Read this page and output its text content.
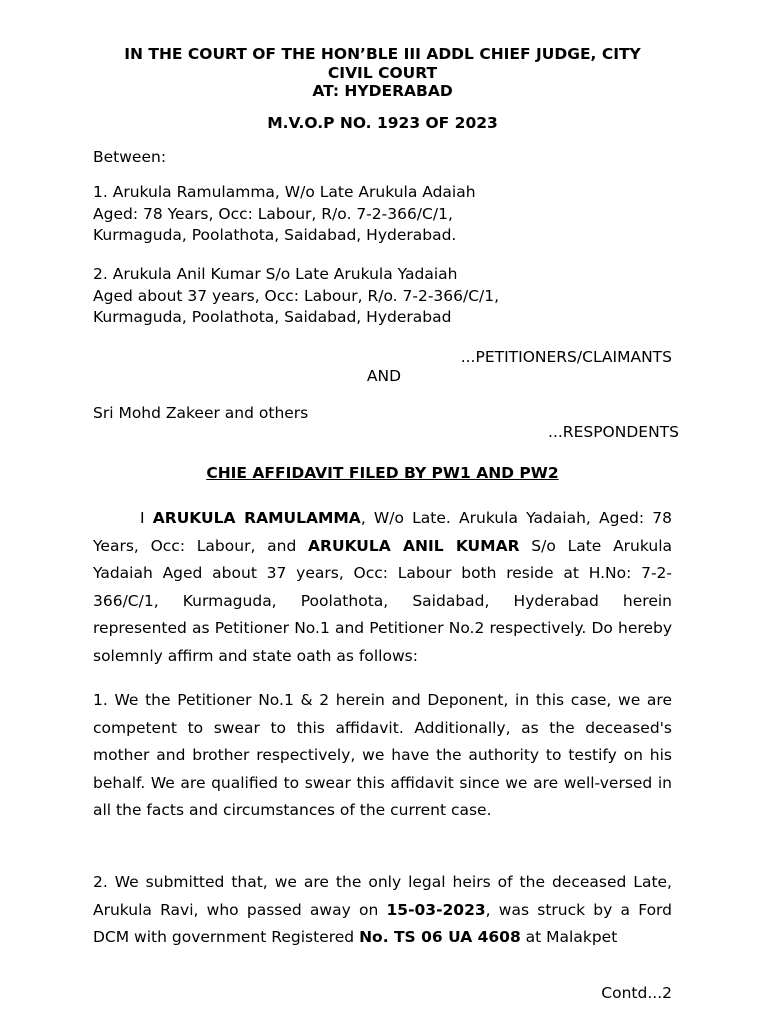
IN THE COURT OF THE HON’BLE III ADDL CHIEF JUDGE, CITY
CIVIL COURT
AT: HYDERABAD
M.V.O.P NO. 1923 OF 2023
Between:
1. Arukula Ramulamma, W/o Late Arukula Adaiah
Aged: 78 Years, Occ: Labour, R/o. 7-2-366/C/1,
Kurmaguda, Poolathota, Saidabad, Hyderabad.
2. Arukula Anil Kumar S/o Late Arukula Yadaiah
Aged about 37 years, Occ: Labour, R/o. 7-2-366/C/1,
Kurmaguda, Poolathota, Saidabad, Hyderabad
...PETITIONERS/CLAIMANTS
AND
Sri Mohd Zakeer and others
...RESPONDENTS
CHIE AFFIDAVIT FILED BY PW1 AND PW2
I ARUKULA RAMULAMMA, W/o Late. Arukula Yadaiah, Aged: 78 Years, Occ: Labour, and ARUKULA ANIL KUMAR S/o Late Arukula Yadaiah Aged about 37 years, Occ: Labour both reside at H.No: 7-2-366/C/1, Kurmaguda, Poolathota, Saidabad, Hyderabad herein represented as Petitioner No.1 and Petitioner No.2 respectively. Do hereby solemnly affirm and state oath as follows:
1. We the Petitioner No.1 & 2 herein and Deponent, in this case, we are competent to swear to this affidavit. Additionally, as the deceased's mother and brother respectively, we have the authority to testify on his behalf. We are qualified to swear this affidavit since we are well-versed in all the facts and circumstances of the current case.
2. We submitted that, we are the only legal heirs of the deceased Late, Arukula Ravi, who passed away on 15-03-2023, was struck by a Ford DCM with government Registered No. TS 06 UA 4608 at Malakpet
Contd...2
